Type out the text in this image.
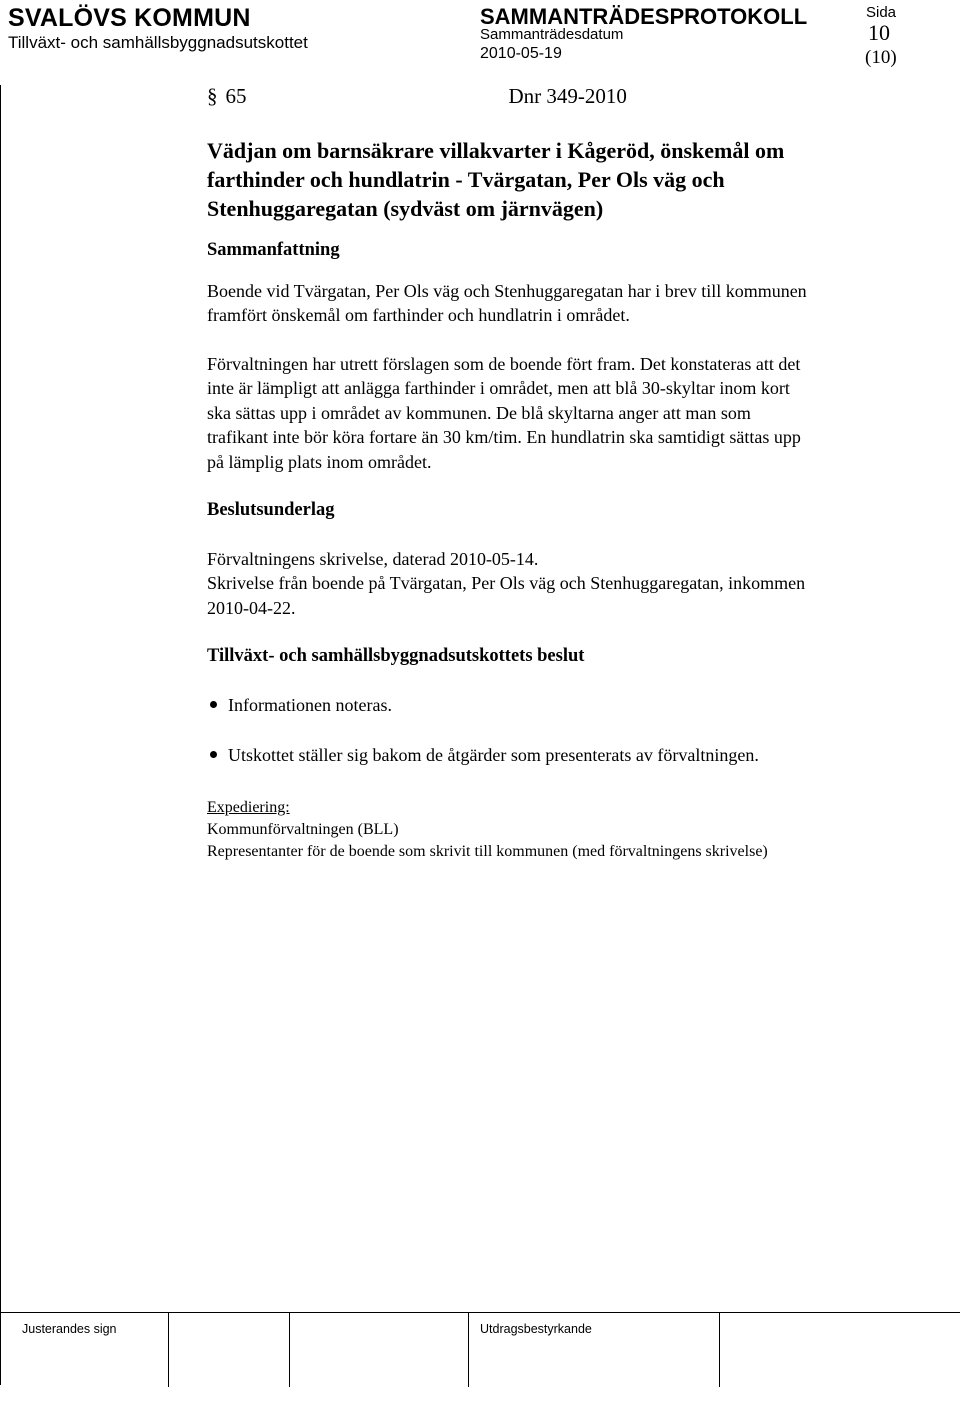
SVALÖVS KOMMUN
Tillväxt- och samhällsbyggnadsutskottet
SAMMANTRÄDESPROTOKOLL
Sammanträdesdatum
2010-05-19
Sida
10
(10)
§ 65	Dnr 349-2010
Vädjan om barnsäkrare villakvarter i Kågeröd, önskemål om
farthinder och hundlatrin - Tvärgatan, Per Ols väg och
Stenhuggaregatan (sydväst om järnvägen)
Sammanfattning
Boende vid Tvärgatan, Per Ols väg och Stenhuggaregatan har i brev till kommunen
framfört önskemål om farthinder och hundlatrin i området.
Förvaltningen har utrett förslagen som de boende fört fram. Det konstateras att det
inte är lämpligt att anlägga farthinder i området, men att blå 30-skyltar inom kort
ska sättas upp i området av kommunen. De blå skyltarna anger att man som
trafikant inte bör köra fortare än 30 km/tim. En hundlatrin ska samtidigt sättas upp
på lämplig plats inom området.
Beslutsunderlag
Förvaltningens skrivelse, daterad 2010-05-14.
Skrivelse från boende på Tvärgatan, Per Ols väg och Stenhuggaregatan, inkommen
2010-04-22.
Tillväxt- och samhällsbyggnadsutskottets beslut
Informationen noteras.
Utskottet ställer sig bakom de åtgärder som presenterats av förvaltningen.
Expediering:
Kommunförvaltningen (BLL)
Representanter för de boende som skrivit till kommunen (med förvaltningens skrivelse)
Justerandes sign	Utdragsbestyrkande
